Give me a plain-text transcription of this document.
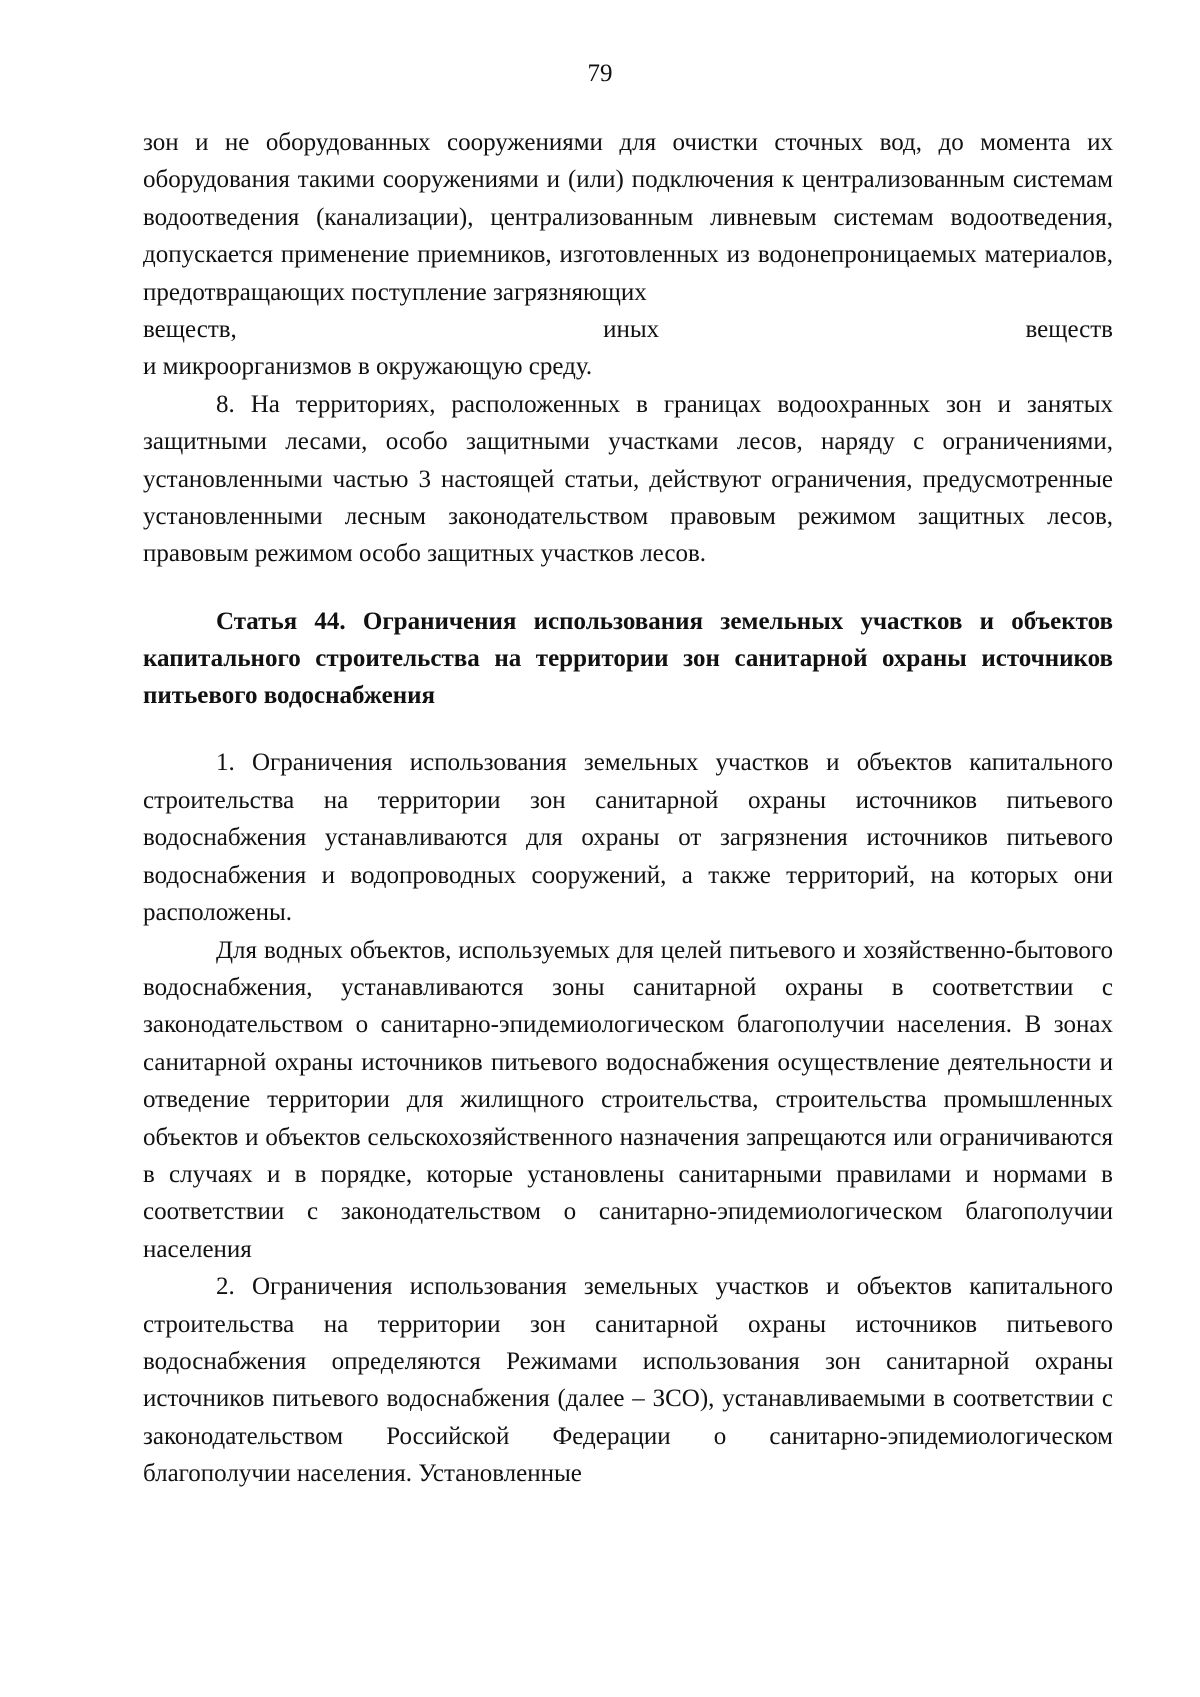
79

зон и не оборудованных сооружениями для очистки сточных вод, до момента их оборудования такими сооружениями и (или) подключения к централизованным системам водоотведения (канализации), централизованным ливневым системам водоотведения, допускается применение приемников, изготовленных из водонепроницаемых материалов, предотвращающих поступление загрязняющих

веществ,	иных	веществ

и микроорганизмов в окружающую среду.

8. На территориях, расположенных в границах водоохранных зон и занятых защитными лесами, особо защитными участками лесов, наряду с ограничениями, установленными частью 3 настоящей статьи, действуют ограничения, предусмотренные установленными лесным законодательством правовым режимом защитных лесов, правовым режимом особо защитных участков лесов.

Статья 44. Ограничения использования земельных участков и объектов капитального строительства на территории зон санитарной охраны источников питьевого водоснабжения

1. Ограничения использования земельных участков и объектов капитального строительства на территории зон санитарной охраны источников питьевого водоснабжения устанавливаются для охраны от загрязнения источников питьевого водоснабжения и водопроводных сооружений, а также территорий, на которых они расположены.

Для водных объектов, используемых для целей питьевого и хозяйственно-бытового водоснабжения, устанавливаются зоны санитарной охраны в соответствии с законодательством о санитарно-эпидемиологическом благополучии населения. В зонах санитарной охраны источников питьевого водоснабжения осуществление деятельности и отведение территории для жилищного строительства, строительства промышленных объектов и объектов сельскохозяйственного назначения запрещаются или ограничиваются в случаях и в порядке, которые установлены санитарными правилами и нормами в соответствии с законодательством о санитарно-эпидемиологическом благополучии населения

2. Ограничения использования земельных участков и объектов капитального строительства на территории зон санитарной охраны источников питьевого водоснабжения определяются Режимами использования зон санитарной охраны источников питьевого водоснабжения (далее – ЗСО), устанавливаемыми в соответствии с законодательством Российской Федерации о санитарно-эпидемиологическом благополучии населения. Установленные
